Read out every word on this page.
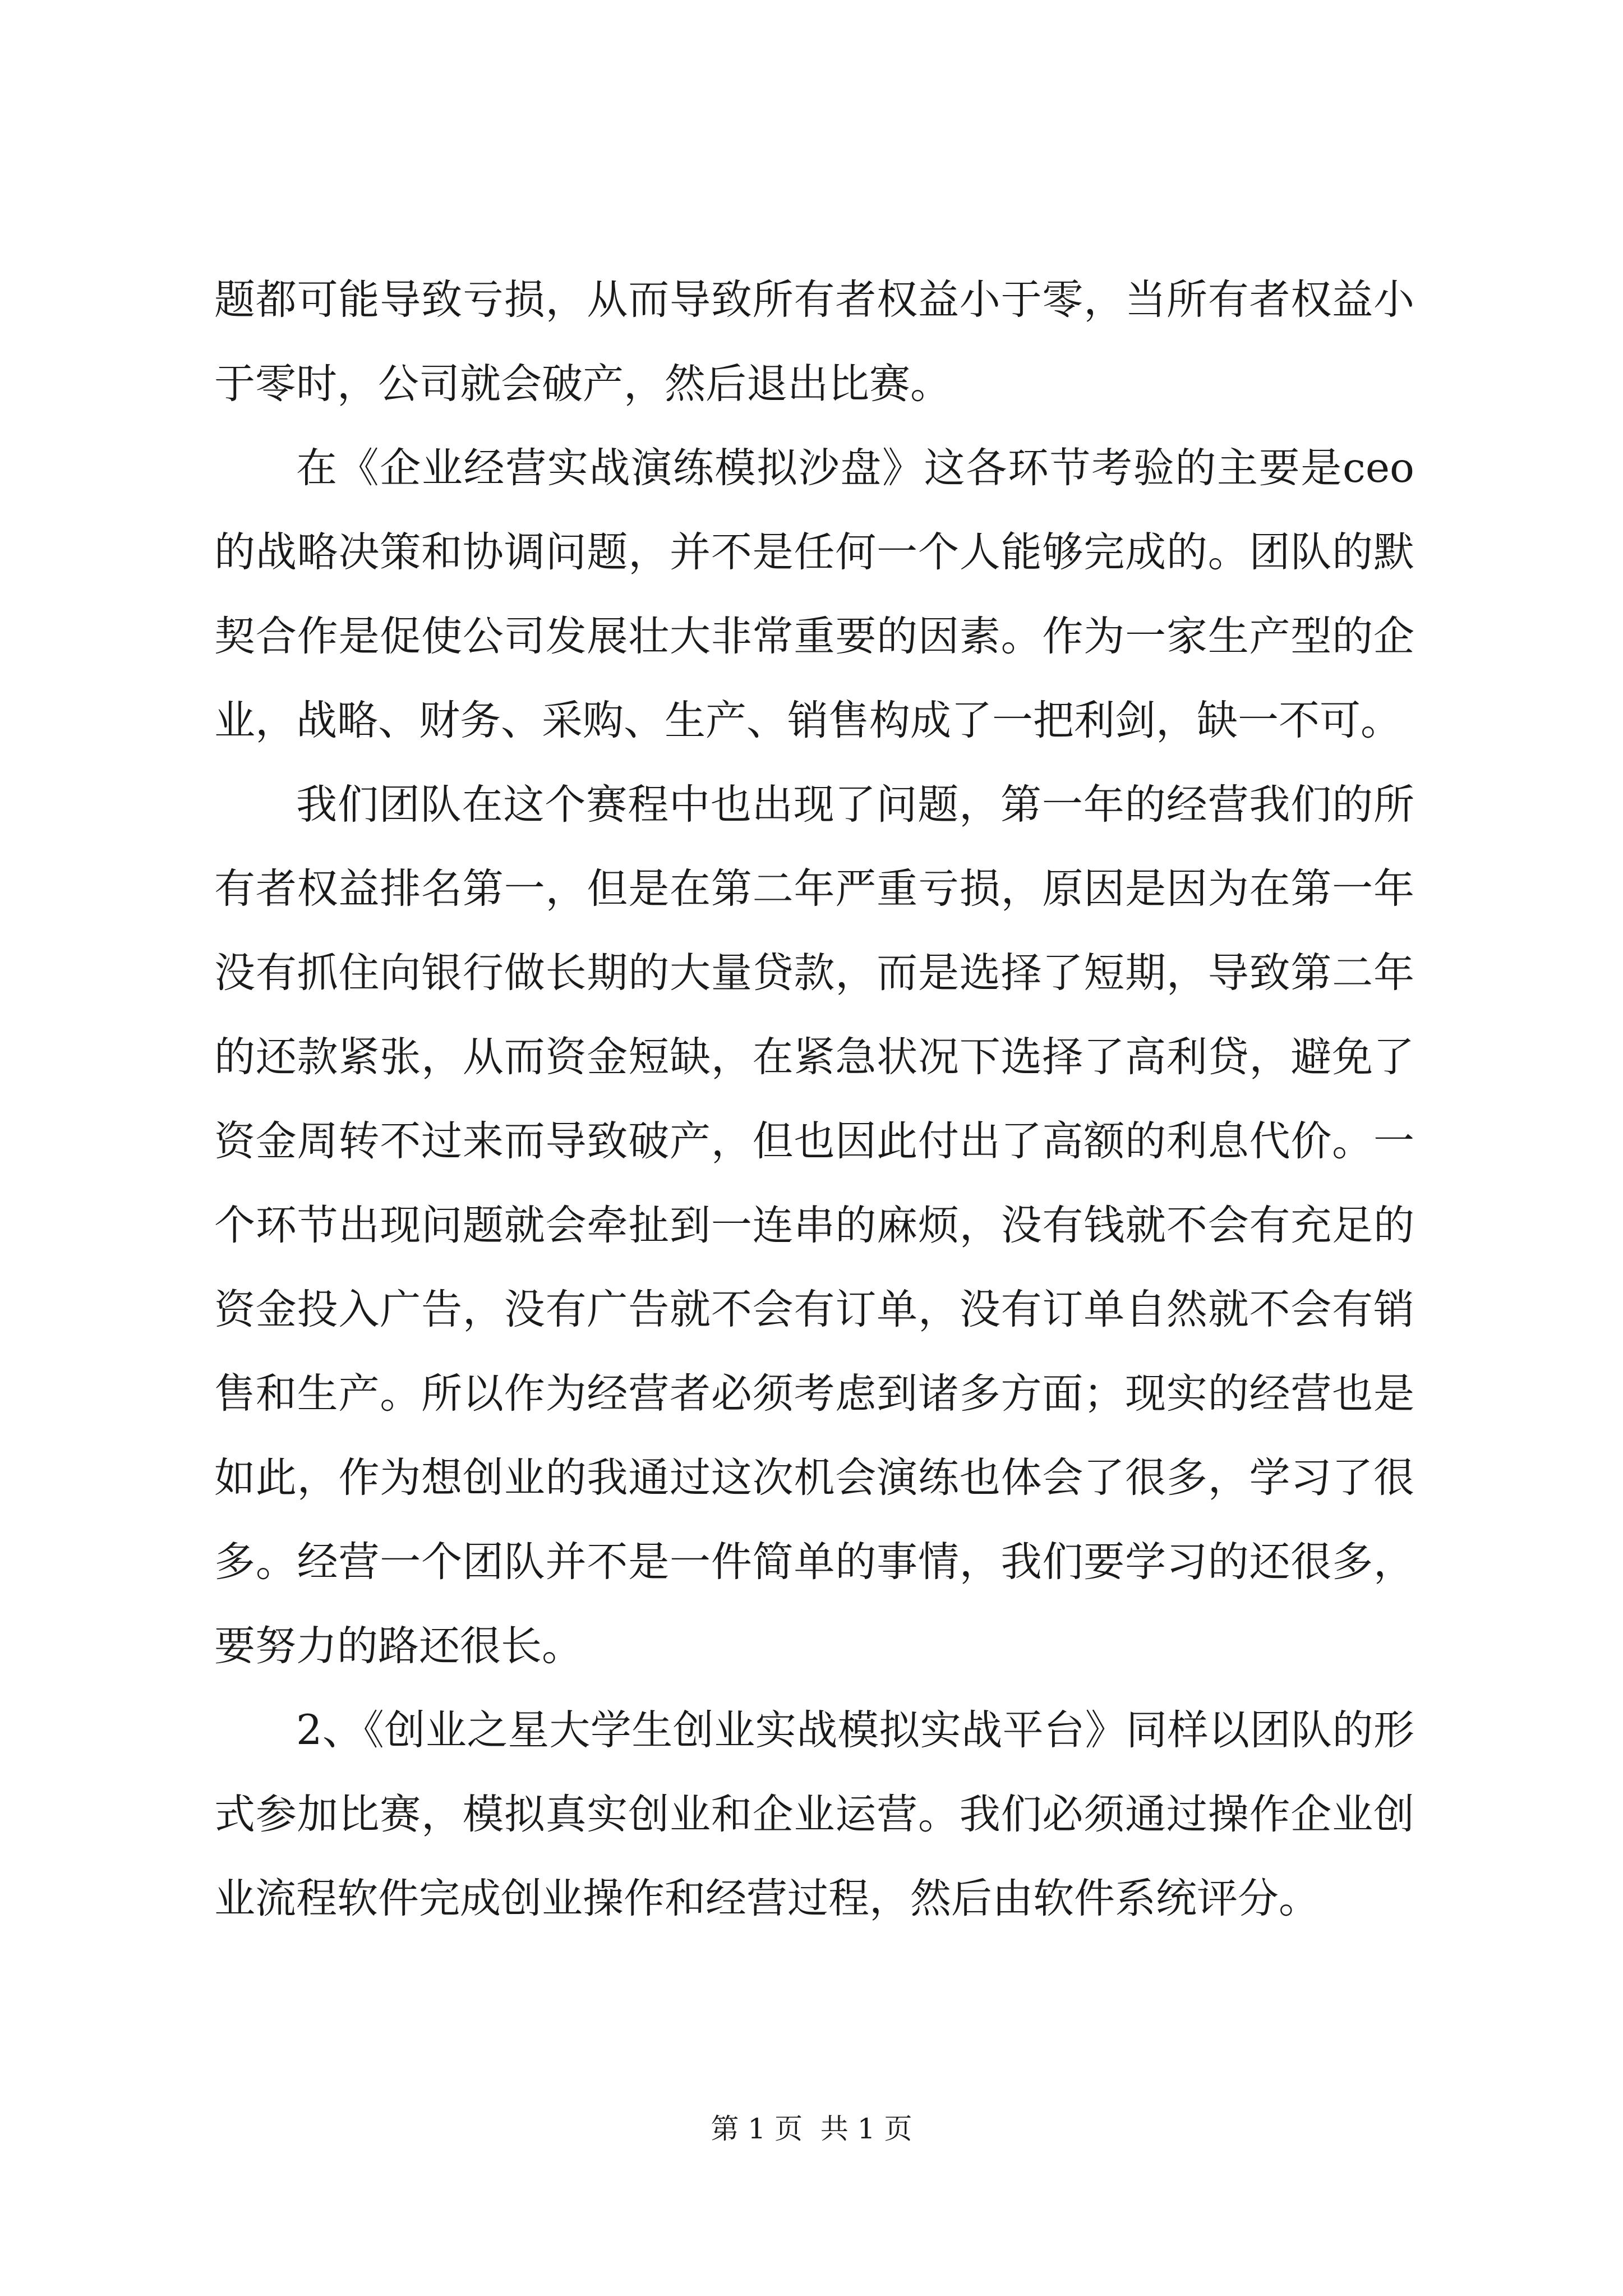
题都可能导致亏损，从而导致所有者权益小于零，当所有者权益小于零时，公司就会破产，然后退出比赛。

在《企业经营实战演练模拟沙盘》这各环节考验的主要是ceo的战略决策和协调问题，并不是任何一个人能够完成的。团队的默契合作是促使公司发展壮大非常重要的因素。作为一家生产型的企业，战略、财务、采购、生产、销售构成了一把利剑，缺一不可。

我们团队在这个赛程中也出现了问题，第一年的经营我们的所有者权益排名第一，但是在第二年严重亏损，原因是因为在第一年没有抓住向银行做长期的大量贷款，而是选择了短期，导致第二年的还款紧张，从而资金短缺，在紧急状况下选择了高利贷，避免了资金周转不过来而导致破产，但也因此付出了高额的利息代价。一个环节出现问题就会牵扯到一连串的麻烦，没有钱就不会有充足的资金投入广告，没有广告就不会有订单，没有订单自然就不会有销售和生产。所以作为经营者必须考虑到诸多方面；现实的经营也是如此，作为想创业的我通过这次机会演练也体会了很多，学习了很多。经营一个团队并不是一件简单的事情，我们要学习的还很多，要努力的路还很长。

2、《创业之星大学生创业实战模拟实战平台》同样以团队的形式参加比赛，模拟真实创业和企业运营。我们必须通过操作企业创业流程软件完成创业操作和经营过程，然后由软件系统评分。

第 1 页  共 1 页
